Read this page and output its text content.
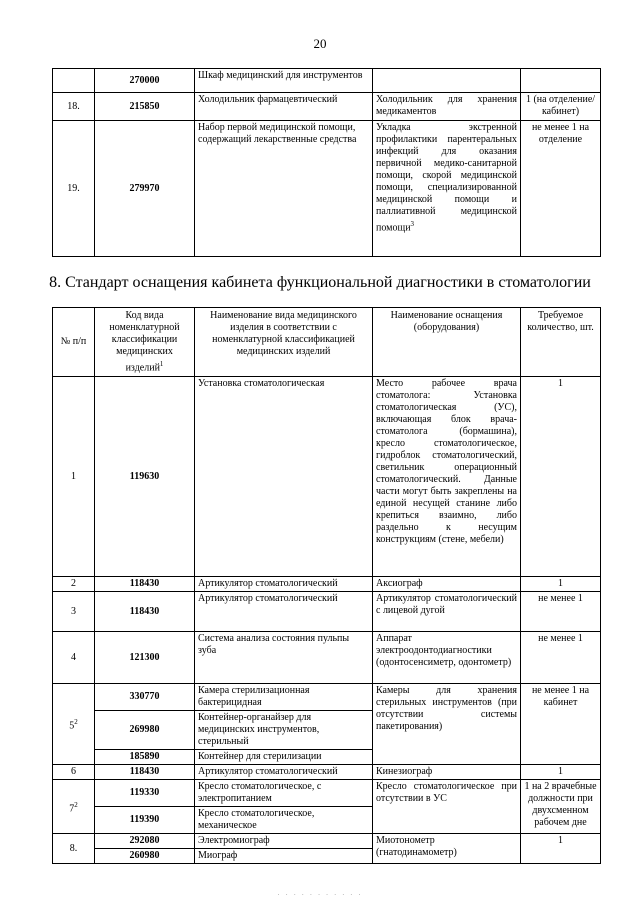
20
	270000	Шкаф медицинский для инструментов		
18.	215850	Холодильник фармацевтический	Холодильник для хранения медикаментов	1 (на отделение/ кабинет)
19.	279970	Набор первой медицинской помощи, содержащий лекарственные средства	Укладка экстренной профилактики парентеральных инфекций для оказания первичной медико-санитарной помощи, скорой медицинской помощи, специализированной медицинской помощи и паллиативной медицинской помощи$^3$	не менее 1 на отделение
8. Стандарт оснащения кабинета функциональной диагностики в стоматологии
№ п/п	Код вида номенклатурной классификации медицинских изделий$^1$	Наименование вида медицинского изделия в соответствии с номенклатурной классификацией медицинских изделий	Наименование оснащения (оборудования)	Требуемое количество, шт.
1	119630	Установка стоматологическая	Место рабочее врача стоматолога: Установка стоматологическая (УС), включающая блок врача-стоматолога (бормашина), кресло стоматологическое, гидроблок стоматологический, светильник операционный стоматологический. Данные части могут быть закреплены на единой несущей станине либо крепиться взаимно, либо раздельно к несущим конструкциям (стене, мебели)	1
2	118430	Артикулятор стоматологический	Аксиограф	1
3	118430	Артикулятор стоматологический	Артикулятор стоматологический с лицевой дугой	не менее 1
4	121300	Система анализа состояния пульпы зуба	Аппарат электроодонтодиагностики (одонтосенсиметр, одонтометр)	не менее 1
$5^2$	330770	Камера стерилизационная бактерицидная	Камеры для хранения стерильных инструментов (при отсутствии системы пакетирования)	не менее 1 на кабинет
	269980	Контейнер-органайзер для медицинских инструментов, стерильный		
	185890	Контейнер для стерилизации		
6	118430	Артикулятор стоматологический	Кинезиограф	1
$7^2$	119330	Кресло стоматологическое, с электропитанием	Кресло стоматологическое при отсутствии в УС	1 на 2 врачебные должности при двухсменном рабочем дне
	119390	Кресло стоматологическое, механическое		
8.	292080	Электромиограф	Миотонометр (гнатодинамометр)	1
	260980	Миограф		
· · · · · · · · · · ·
